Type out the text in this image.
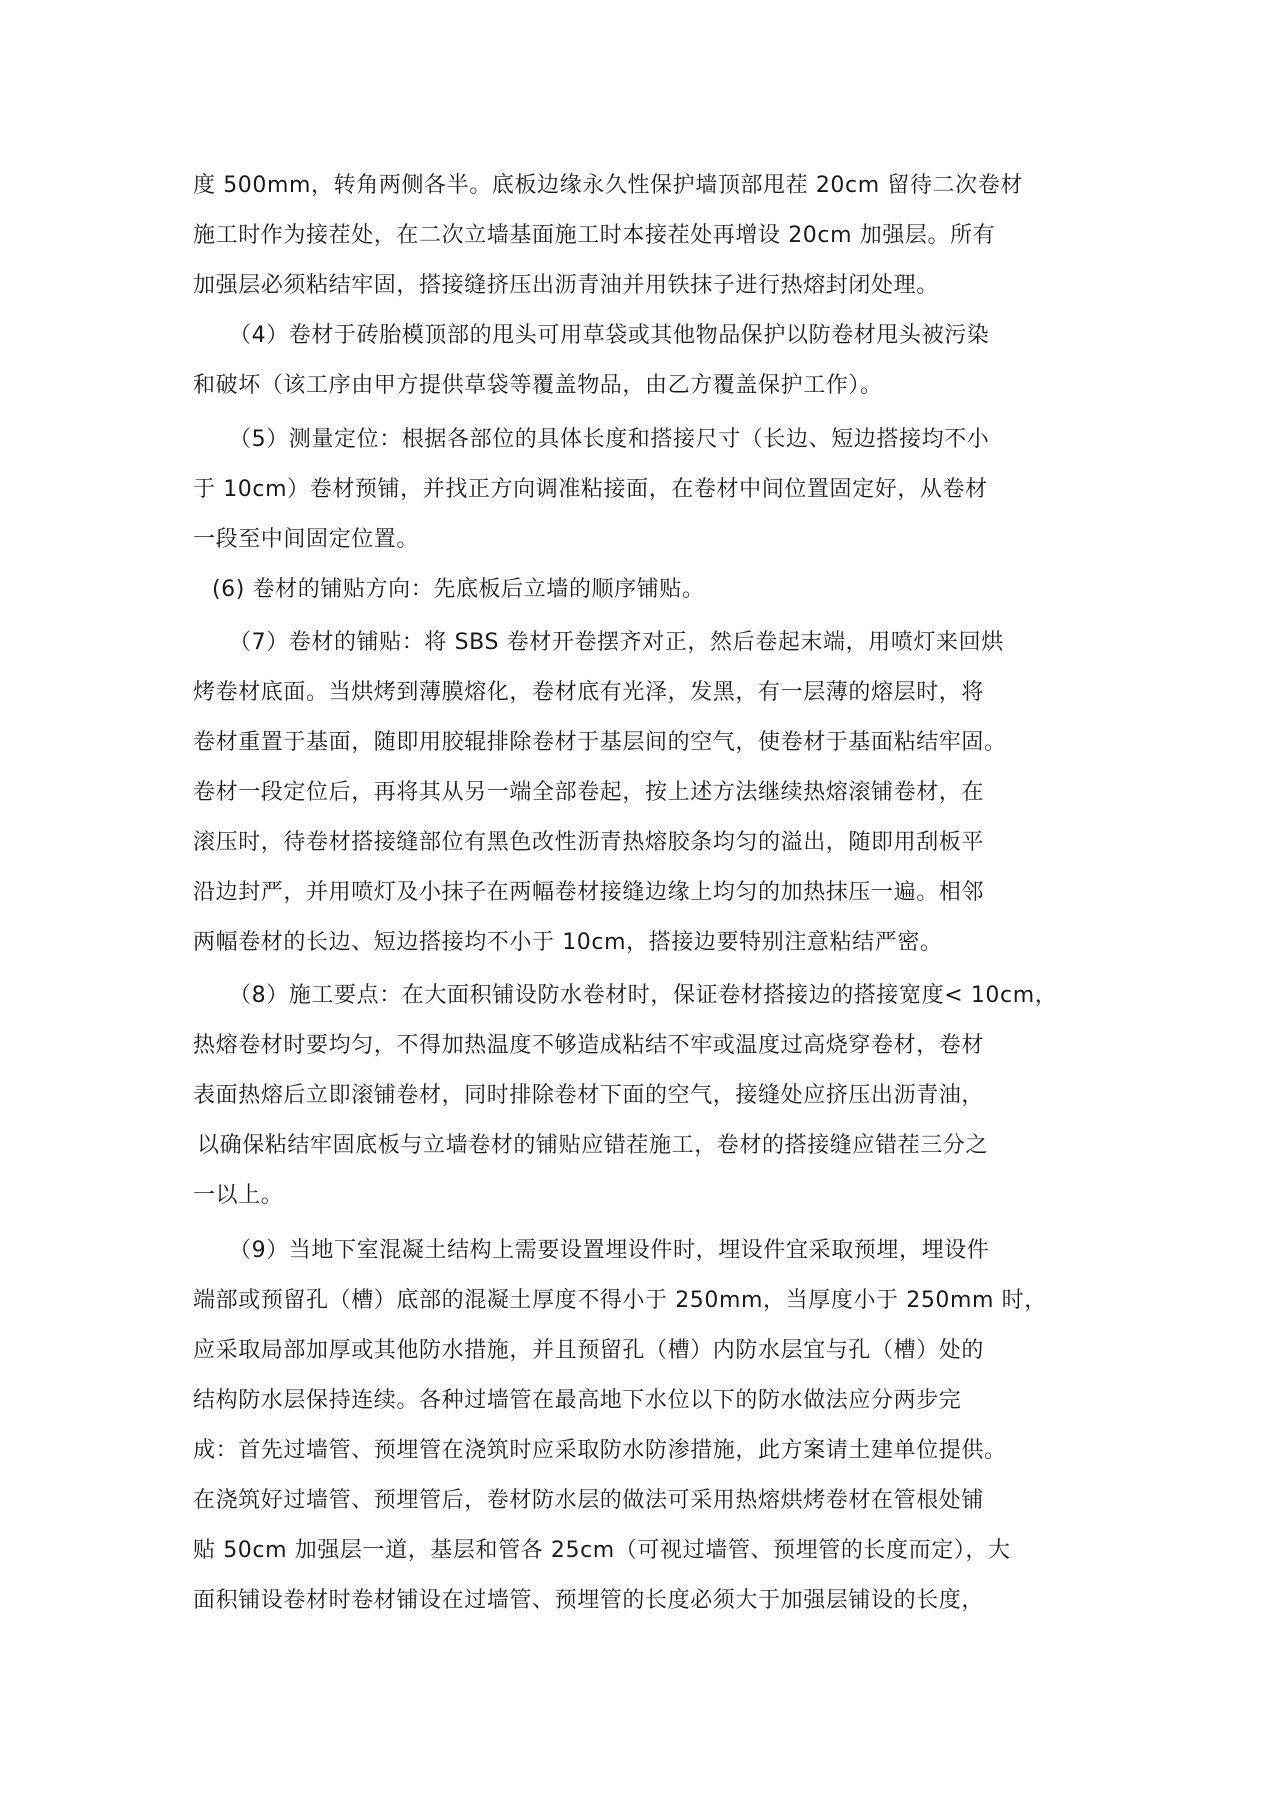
度 500mm，转角两侧各半。底板边缘永久性保护墙顶部甩茬 20cm 留待二次卷材
施工时作为接茬处，在二次立墙基面施工时本接茬处再增设 20cm 加强层。所有
加强层必须粘结牢固，搭接缝挤压出沥青油并用铁抹子进行热熔封闭处理。
（4）卷材于砖胎模顶部的甩头可用草袋或其他物品保护以防卷材甩头被污染
和破坏（该工序由甲方提供草袋等覆盖物品，由乙方覆盖保护工作）。
（5）测量定位：根据各部位的具体长度和搭接尺寸（长边、短边搭接均不小
于 10cm）卷材预铺，并找正方向调准粘接面，在卷材中间位置固定好，从卷材
一段至中间固定位置。
(6) 卷材的铺贴方向：先底板后立墙的顺序铺贴。
（7）卷材的铺贴：将 SBS 卷材开卷摆齐对正，然后卷起末端，用喷灯来回烘
烤卷材底面。当烘烤到薄膜熔化，卷材底有光泽，发黑，有一层薄的熔层时，将
卷材重置于基面，随即用胶辊排除卷材于基层间的空气，使卷材于基面粘结牢固。
卷材一段定位后，再将其从另一端全部卷起，按上述方法继续热熔滚铺卷材，在
滚压时，待卷材搭接缝部位有黑色改性沥青热熔胶条均匀的溢出，随即用刮板平
沿边封严，并用喷灯及小抹子在两幅卷材接缝边缘上均匀的加热抹压一遍。相邻
两幅卷材的长边、短边搭接均不小于 10cm，搭接边要特别注意粘结严密。
（8）施工要点：在大面积铺设防水卷材时，保证卷材搭接边的搭接宽度< 10cm，
热熔卷材时要均匀，不得加热温度不够造成粘结不牢或温度过高烧穿卷材，卷材
表面热熔后立即滚铺卷材，同时排除卷材下面的空气，接缝处应挤压出沥青油，
以确保粘结牢固底板与立墙卷材的铺贴应错茬施工，卷材的搭接缝应错茬三分之
一以上。
（9）当地下室混凝土结构上需要设置埋设件时，埋设件宜采取预埋，埋设件
端部或预留孔（槽）底部的混凝土厚度不得小于 250mm，当厚度小于 250mm 时，
应采取局部加厚或其他防水措施，并且预留孔（槽）内防水层宜与孔（槽）处的
结构防水层保持连续。各种过墙管在最高地下水位以下的防水做法应分两步完
成：首先过墙管、预埋管在浇筑时应采取防水防渗措施，此方案请土建单位提供。
在浇筑好过墙管、预埋管后，卷材防水层的做法可采用热熔烘烤卷材在管根处铺
贴 50cm 加强层一道，基层和管各 25cm（可视过墙管、预埋管的长度而定），大
面积铺设卷材时卷材铺设在过墙管、预埋管的长度必须大于加强层铺设的长度，
